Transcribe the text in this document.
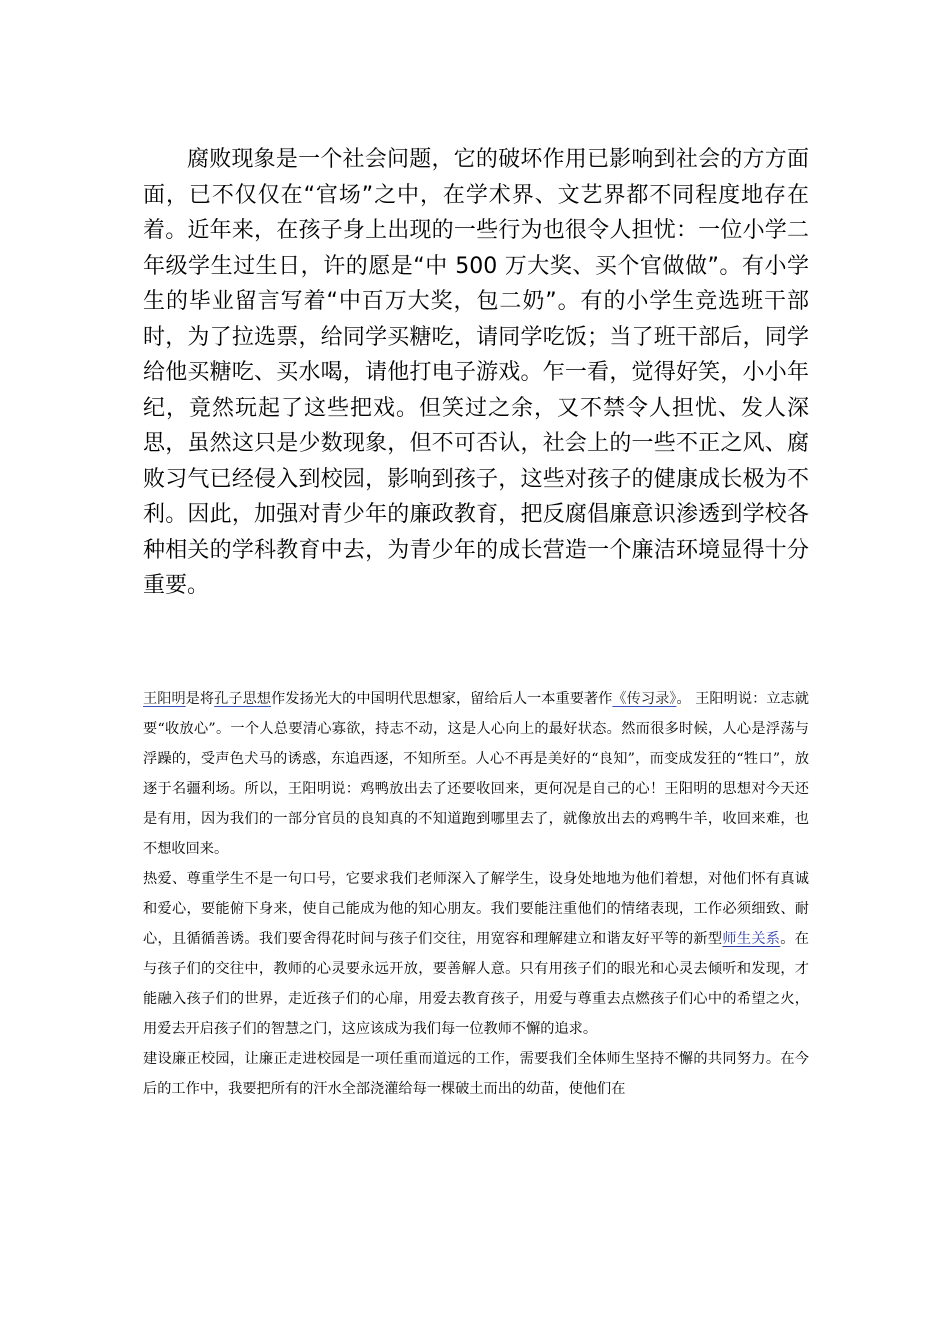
腐败现象是一个社会问题，它的破坏作用已影响到社会的方方面面，已不仅仅在“官场”之中，在学术界、文艺界都不同程度地存在着。近年来，在孩子身上出现的一些行为也很令人担忧：一位小学二年级学生过生日，许的愿是“中 500 万大奖、买个官做做”。有小学生的毕业留言写着“中百万大奖，包二奶”。有的小学生竞选班干部时，为了拉选票，给同学买糖吃，请同学吃饭；当了班干部后，同学给他买糖吃、买水喝，请他打电子游戏。乍一看，觉得好笑，小小年纪，竟然玩起了这些把戏。但笑过之余，又不禁令人担忧、发人深思，虽然这只是少数现象，但不可否认，社会上的一些不正之风、腐败习气已经侵入到校园，影响到孩子，这些对孩子的健康成长极为不利。因此，加强对青少年的廉政教育，把反腐倡廉意识渗透到学校各种相关的学科教育中去，为青少年的成长营造一个廉洁环境显得十分重要。

王阳明是将孔子思想作发扬光大的中国明代思想家，留给后人一本重要著作《传习录》。 王阳明说：立志就要“收放心”。一个人总要清心寡欲，持志不动，这是人心向上的最好状态。然而很多时候，人心是浮荡与浮躁的，受声色犬马的诱惑，东追西逐，不知所至。人心不再是美好的“良知”，而变成发狂的“牲口”，放逐于名疆利场。所以，王阳明说：鸡鸭放出去了还要收回来，更何况是自己的心！王阳明的思想对今天还是有用，因为我们的一部分官员的良知真的不知道跑到哪里去了，就像放出去的鸡鸭牛羊，收回来难，也不想收回来。

热爱、尊重学生不是一句口号，它要求我们老师深入了解学生，设身处地地为他们着想，对他们怀有真诚和爱心，要能俯下身来，使自己能成为他的知心朋友。我们要能注重他们的情绪表现，工作必须细致、耐心，且循循善诱。我们要舍得花时间与孩子们交往，用宽容和理解建立和谐友好平等的新型师生关系。在与孩子们的交往中，教师的心灵要永远开放，要善解人意。只有用孩子们的眼光和心灵去倾听和发现，才能融入孩子们的世界，走近孩子们的心扉，用爱去教育孩子，用爱与尊重去点燃孩子们心中的希望之火，用爱去开启孩子们的智慧之门，这应该成为我们每一位教师不懈的追求。

建设廉正校园，让廉正走进校园是一项任重而道远的工作，需要我们全体师生坚持不懈的共同努力。在今后的工作中，我要把所有的汗水全部浇灌给每一棵破土而出的幼苗，使他们在
